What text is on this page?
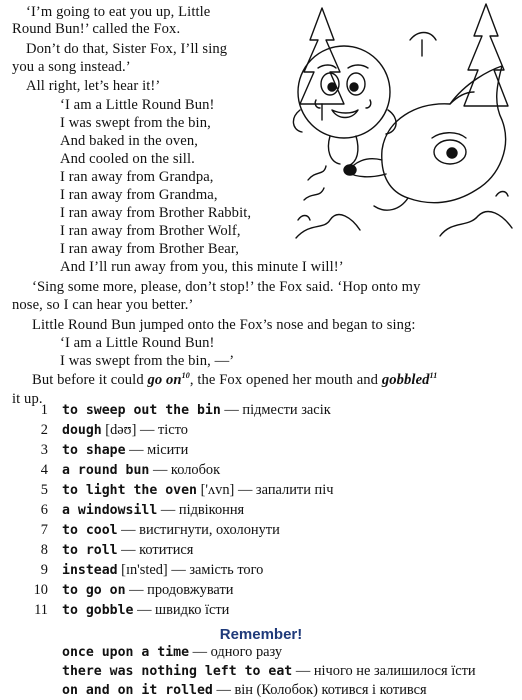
‘I’m going to eat you up, Little
Round Bun!’ called the Fox.
Don’t do that, Sister Fox, I’ll sing
you a song instead.’
All right, let’s hear it!’
‘I am a Little Round Bun!
I was swept from the bin,
And baked in the oven,
And cooled on the sill.
I ran away from Grandpa,
I ran away from Grandma,
I ran away from Brother Rabbit,
I ran away from Brother Wolf,
I ran away from Brother Bear,
And I’ll run away from you, this minute I will!’
‘Sing some more, please, don’t stop!’ the Fox said. ‘Hop onto my
nose, so I can hear you better.’
Little Round Bun jumped onto the Fox’s nose and began to sing:
‘I am a Little Round Bun!
I was swept from the bin, —’
But before it could go on$^{10}$, the Fox opened her mouth and gobbled$^{11}$
it up.
1 to sweep out the bin — підмести засік
2 dough [dəʊ] — тісто
3 to shape — місити
4 a round bun — колобок
5 to light the oven ['ʌvn] — запалити піч
6 a windowsill — підвіконня
7 to cool — вистигнути, охолонути
8 to roll — котитися
9 instead [ɪn'sted] — замість того
10 to go on — продовжувати
11 to gobble — швидко їсти
Remember!
once upon a time — одного разу
there was nothing left to eat — нічого не залишилося їсти
on and on it rolled — він (Колобок) котився і котився
